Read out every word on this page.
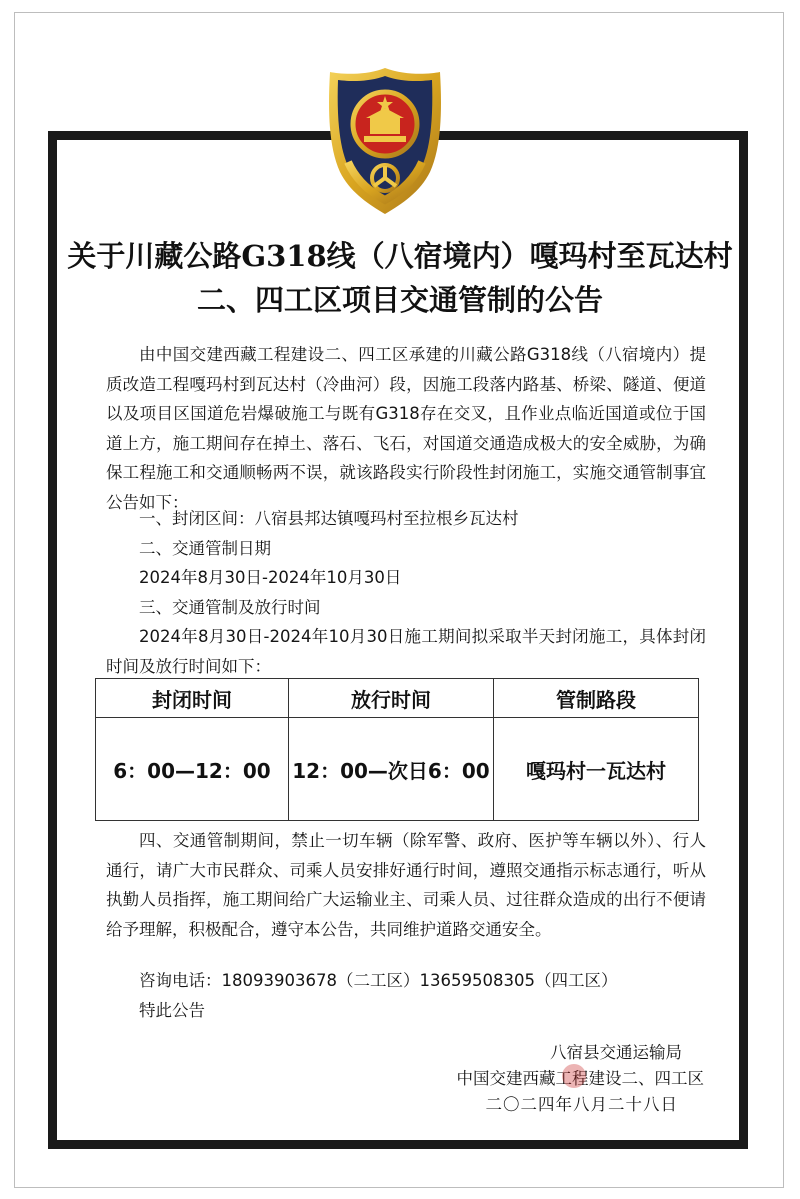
关于川藏公路G318线（八宿境内）嘎玛村至瓦达村
二、四工区项目交通管制的公告

由中国交建西藏工程建设二、四工区承建的川藏公路G318线（八宿境内）提质改造工程嘎玛村到瓦达村（冷曲河）段，因施工段落内路基、桥梁、隧道、便道以及项目区国道危岩爆破施工与既有G318存在交叉，且作业点临近国道或位于国道上方，施工期间存在掉土、落石、飞石，对国道交通造成极大的安全威胁，为确保工程施工和交通顺畅两不误，就该路段实行阶段性封闭施工，实施交通管制事宜公告如下：

一、封闭区间：八宿县邦达镇嘎玛村至拉根乡瓦达村

二、交通管制日期

2024年8月30日-2024年10月30日

三、交通管制及放行时间

2024年8月30日-2024年10月30日施工期间拟采取半天封闭施工，具体封闭时间及放行时间如下：

封闭时间	放行时间	管制路段
6：00—12：00	12：00—次日6：00	嘎玛村一瓦达村

四、交通管制期间，禁止一切车辆（除军警、政府、医护等车辆以外）、行人通行，请广大市民群众、司乘人员安排好通行时间，遵照交通指示标志通行，听从执勤人员指挥，施工期间给广大运输业主、司乘人员、过往群众造成的出行不便请给予理解，积极配合，遵守本公告，共同维护道路交通安全。

咨询电话：18093903678（二工区）13659508305（四工区）

特此公告

八宿县交通运输局
中国交建西藏工程建设二、四工区
二〇二四年八月二十八日
